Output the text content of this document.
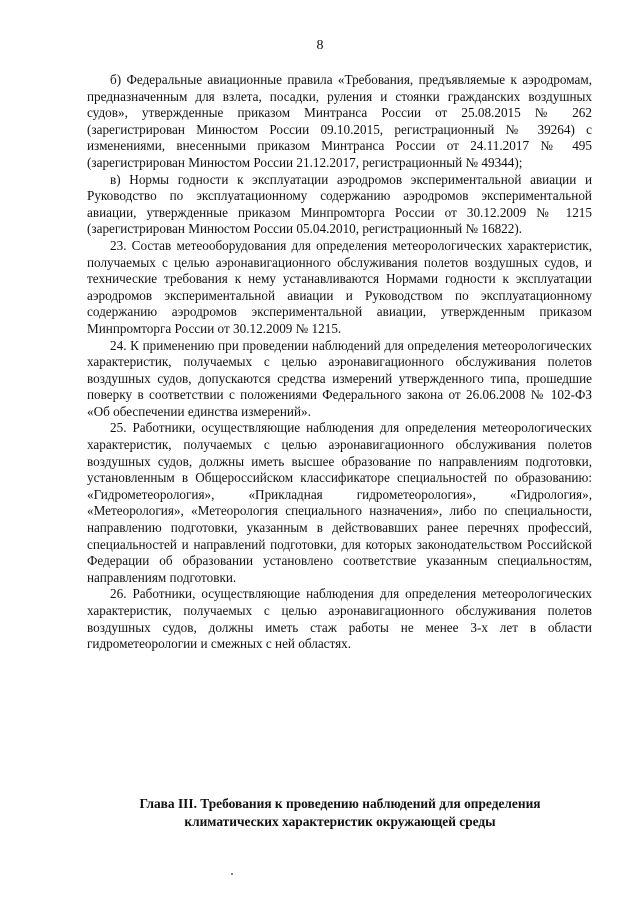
8

б) Федеральные авиационные правила «Требования, предъявляемые к аэродромам, предназначенным для взлета, посадки, руления и стоянки гражданских воздушных судов», утвержденные приказом Минтранса России от 25.08.2015 № 262 (зарегистрирован Минюстом России 09.10.2015, регистрационный № 39264) с изменениями, внесенными приказом Минтранса России от 24.11.2017 № 495 (зарегистрирован Минюстом России 21.12.2017, регистрационный № 49344);

в) Нормы годности к эксплуатации аэродромов экспериментальной авиации и Руководство по эксплуатационному содержанию аэродромов экспериментальной авиации, утвержденные приказом Минпромторга России от 30.12.2009 № 1215 (зарегистрирован Минюстом России 05.04.2010, регистрационный № 16822).

23. Состав метеооборудования для определения метеорологических характеристик, получаемых с целью аэронавигационного обслуживания полетов воздушных судов, и технические требования к нему устанавливаются Нормами годности к эксплуатации аэродромов экспериментальной авиации и Руководством по эксплуатационному содержанию аэродромов экспериментальной авиации, утвержденным приказом Минпромторга России от 30.12.2009 № 1215.

24. К применению при проведении наблюдений для определения метеорологических характеристик, получаемых с целью аэронавигационного обслуживания полетов воздушных судов, допускаются средства измерений утвержденного типа, прошедшие поверку в соответствии с положениями Федерального закона от 26.06.2008 № 102-ФЗ «Об обеспечении единства измерений».

25. Работники, осуществляющие наблюдения для определения метеорологических характеристик, получаемых с целью аэронавигационного обслуживания полетов воздушных судов, должны иметь высшее образование по направлениям подготовки, установленным в Общероссийском классификаторе специальностей по образованию: «Гидрометеорология», «Прикладная гидрометеорология», «Гидрология», «Метеорология», «Метеорология специального назначения», либо по специальности, направлению подготовки, указанным в действовавших ранее перечнях профессий, специальностей и направлений подготовки, для которых законодательством Российской Федерации об образовании установлено соответствие указанным специальностям, направлениям подготовки.

26. Работники, осуществляющие наблюдения для определения метеорологических характеристик, получаемых с целью аэронавигационного обслуживания полетов воздушных судов, должны иметь стаж работы не менее 3-х лет в области гидрометеорологии и смежных с ней областях.

Глава III. Требования к проведению наблюдений для определения
климатических характеристик окружающей среды
